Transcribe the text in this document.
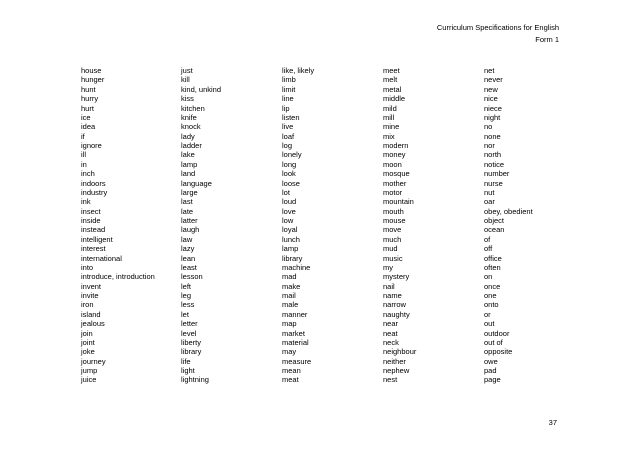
Curriculum Specifications for English
Form 1
house
hunger
hunt
hurry
hurt
ice
idea
if
ignore
ill
in
inch
indoors
industry
ink
insect
inside
instead
intelligent
interest
international
into
introduce, introduction
invent
invite
iron
island
jealous
join
joint
joke
journey
jump
juice
just
kill
kind, unkind
kiss
kitchen
knife
knock
lady
ladder
lake
lamp
land
language
large
last
late
latter
laugh
law
lazy
lean
least
lesson
left
leg
less
let
letter
level
liberty
library
life
light
lightning
like, likely
limb
limit
line
lip
listen
live
loaf
log
lonely
long
look
loose
lot
loud
love
low
loyal
lunch
lamp
library
machine
mad
make
mail
male
manner
map
market
material
may
measure
mean
meat
meet
melt
metal
middle
mild
mill
mine
mix
modern
money
moon
mosque
mother
motor
mountain
mouth
mouse
move
much
mud
music
my
mystery
nail
name
narrow
naughty
near
neat
neck
neighbour
neither
nephew
nest
net
never
new
nice
niece
night
no
none
nor
north
notice
number
nurse
nut
oar
obey, obedient
object
ocean
of
off
office
often
on
once
one
onto
or
out
outdoor
out of
opposite
owe
pad
page
37
